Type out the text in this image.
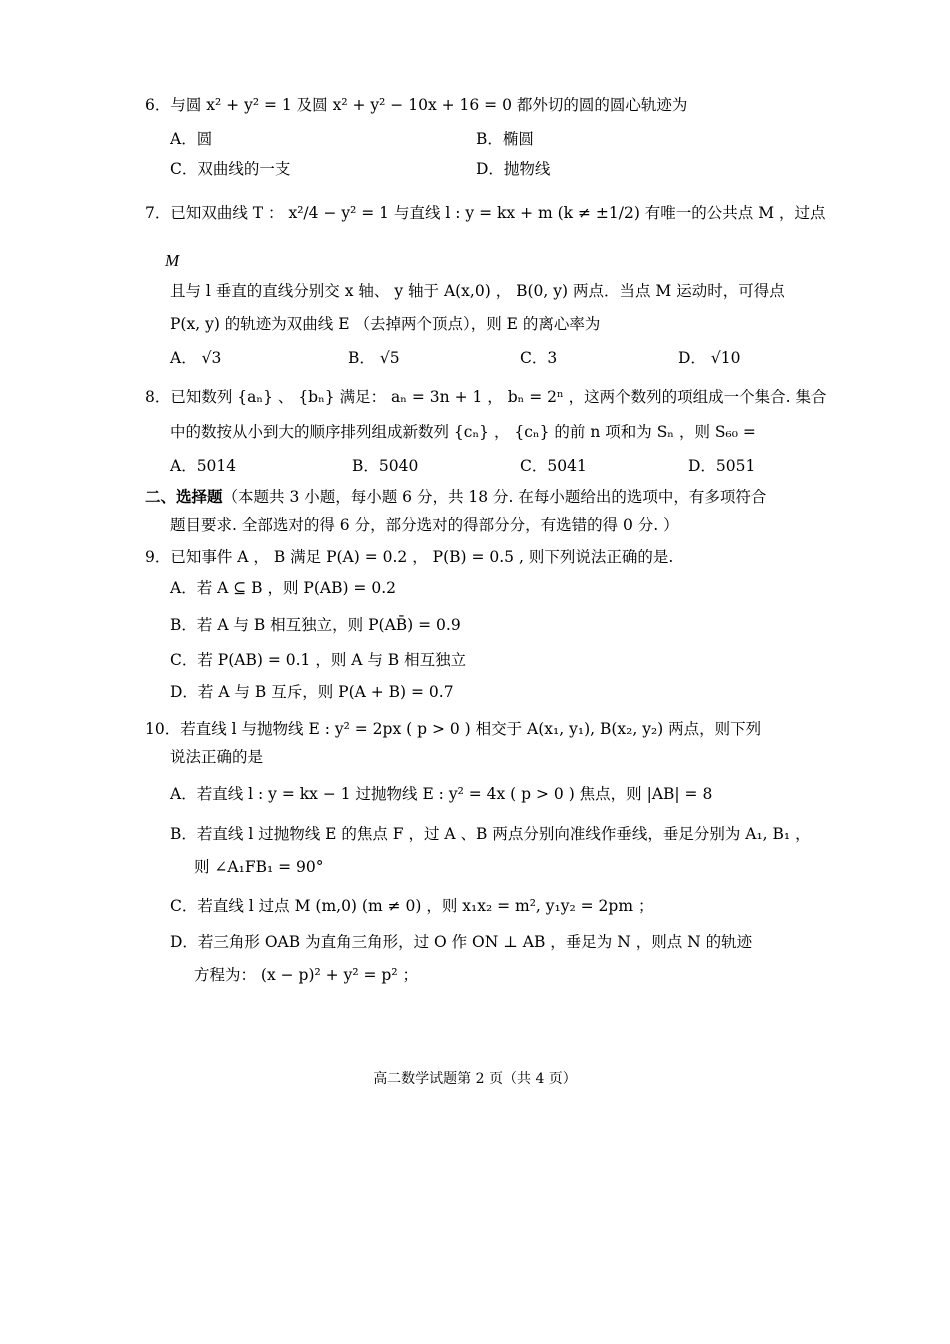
6．与圆 x² + y² = 1 及圆 x² + y² − 10x + 16 = 0 都外切的圆的圆心轨迹为
A．圆	B．椭圆
C．双曲线的一支	D．抛物线
7．已知双曲线 T ： x²/4 − y² = 1 与直线 l : y = kx + m (k ≠ ±1/2) 有唯一的公共点 M ，过点
M
且与 l 垂直的直线分别交 x 轴、 y 轴于 A(x,0) ， B(0, y) 两点．当点 M 运动时，可得点
P(x, y) 的轨迹为双曲线 E （去掉两个顶点），则 E 的离心率为
A． √3	B． √5	C．3	D． √10
8．已知数列 {aₙ} 、 {bₙ} 满足： aₙ = 3n + 1 ， bₙ = 2ⁿ ，这两个数列的项组成一个集合. 集合
中的数按从小到大的顺序排列组成新数列 {cₙ} ， {cₙ} 的前 n 项和为 Sₙ ，则 S₆₀ =
A．5014	B．5040	C．5041	D．5051
二、选择题（本题共 3 小题，每小题 6 分，共 18 分. 在每小题给出的选项中，有多项符合
题目要求. 全部选对的得 6 分，部分选对的得部分分，有选错的得 0 分. ）
9．已知事件 A ， B 满足 P(A) = 0.2 ， P(B) = 0.5 , 则下列说法正确的是.
A．若 A ⊆ B ，则 P(AB) = 0.2
B．若 A 与 B 相互独立，则 P(AB̄) = 0.9
C．若 P(AB) = 0.1 ，则 A 与 B 相互独立
D．若 A 与 B 互斥，则 P(A + B) = 0.7
10．若直线 l 与抛物线 E : y² = 2px ( p > 0 ) 相交于 A(x₁, y₁), B(x₂, y₂) 两点，则下列
说法正确的是
A．若直线 l : y = kx − 1 过抛物线 E : y² = 4x ( p > 0 ) 焦点，则 |AB| = 8
B．若直线 l 过抛物线 E 的焦点 F ，过 A 、B 两点分别向准线作垂线，垂足分别为 A₁, B₁ ，
则 ∠A₁FB₁ = 90°
C．若直线 l 过点 M (m,0) (m ≠ 0) ，则 x₁x₂ = m², y₁y₂ = 2pm ；
D．若三角形 OAB 为直角三角形，过 O 作 ON ⊥ AB ，垂足为 N ，则点 N 的轨迹
方程为： (x − p)² + y² = p² ；
高二数学试题第 2 页（共 4 页）
